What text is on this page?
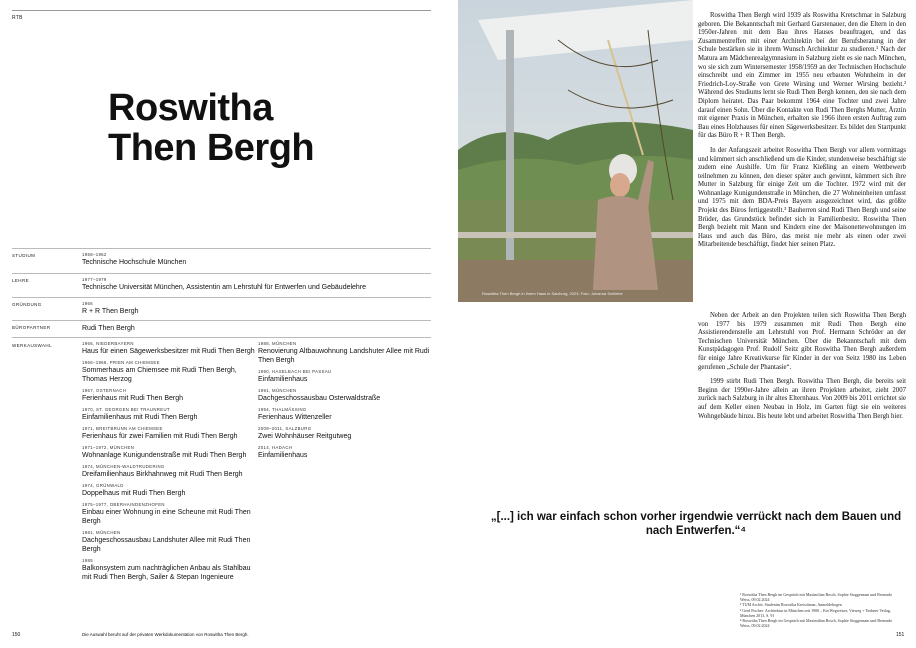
RTB
Roswitha
Then Bergh
STUDIUM	1958–1962
Technische Hochschule München
LEHRE	1977–1979
Technische Universität München, Assistentin am Lehrstuhl für Entwerfen und Gebäudelehre
GRÜNDUNG	1966
R + R Then Bergh
BÜROPARTNER	Rudi Then Bergh
WERKAUSWAHL	1966, NIEDERBAYERN
Haus für einen Sägewerksbesitzer mit Rudi Then Bergh
1966–1968, PRIEN AM CHIEMSEE
Sommerhaus am Chiemsee mit Rudi Then Bergh, Thomas Herzog
1967, OSTERNACH
Ferienhaus mit Rudi Then Bergh
1970, ST. GEORGEN BEI TRAUNREUT
Einfamilienhaus mit Rudi Then Bergh
1971, BREITBRUNN AM CHIEMSEE
Ferienhaus für zwei Familien mit Rudi Then Bergh
1971–1972, MÜNCHEN
Wohnanlage Kunigundenstraße mit Rudi Then Bergh
1974, MÜNCHEN-WALDTRUDERING
Dreifamilienhaus Birkhahnweg mit Rudi Then Bergh
1974, GRÜNWALD
Doppelhaus mit Rudi Then Bergh
1975–1977, OBERHAINDENZHOFEN
Einbau einer Wohnung in eine Scheune mit Rudi Then Bergh
1981, MÜNCHEN
Dachgeschossausbau Landshuter Allee mit Rudi Then Bergh
1985
Balkonsystem zum nachträglichen Anbau als Stahlbau mit Rudi Then Bergh, Sailer & Stepan Ingenieure
1988, MÜNCHEN
Renovierung Altbauwohnung Landshuter Allee mit Rudi Then Bergh
1990, HASELBACH BEI PASSAU
Einfamilienhaus
1991, MÜNCHEN
Dachgeschossausbau Osterwaldstraße
1994, THALMÄSSING
Ferienhaus Wittenzeller
2009–2011, SALZBURG
Zwei Wohnhäuser Reitgutweg
2014, HADACH
Einfamilienhaus
Roswitha Then Bergh in ihrem Haus in Salzburg, 2023. Foto: Johanna Schliebe

Roswitha Then Bergh wird 1939 als Roswitha Kretschmar in Salzburg geboren. Die Bekanntschaft mit Gerhard Garstenauer, den die Eltern in den 1950er-Jahren mit dem Bau ihres Hauses beauftragen, und das Zusammentreffen mit einer Architektin bei der Berufsberatung in der Schule bestärken sie in ihrem Wunsch Architektur zu studieren.¹ Nach der Matura am Mädchenrealgymnasium in Salzburg zieht es sie nach München, wo sie sich zum Wintersemester 1958/1959 an der Technischen Hochschule einschreibt und ein Zimmer im 1955 neu erbauten Wohnheim in der Friedrich-Loy-Straße von Grete Wirsing und Werner Wirsing bezieht.² Während des Studiums lernt sie Rudi Then Bergh kennen, den sie nach dem Diplom heiratet. Das Paar bekommt 1964 eine Tochter und zwei Jahre darauf einen Sohn. Über die Kontakte von Rudi Then Berghs Mutter, Ärztin mit eigener Praxis in München, erhalten sie 1966 ihren ersten Auftrag zum Bau eines Holzhauses für einen Sägewerksbesitzer. Es bildet den Startpunkt für das Büro R + R Then Bergh.

In der Anfangszeit arbeitet Roswitha Then Bergh vor allem vormittags und kümmert sich anschließend um die Kinder, stundenweise beschäftigt sie zudem eine Aushilfe. Um für Franz Kießling an einem Wettbewerb teilnehmen zu können, den dieser später auch gewinnt, kümmert sich ihre Mutter in Salzburg für einige Zeit um die Tochter. 1972 wird mit der Wohnanlage Kunigundenstraße in München, die 27 Wohneinheiten umfasst und 1975 mit dem BDA-Preis Bayern ausgezeichnet wird, das größte Projekt des Büros fertiggestellt.³ Bauherren sind Rudi Then Bergh und seine Brüder, das Grundstück befindet sich in Familienbesitz. Roswitha Then Bergh bezieht mit Mann und Kindern eine der Maisonettewohnungen im Haus und auch das Büro, das meist nie mehr als einen oder zwei Mitarbeitende beschäftigt, findet hier seinen Platz.

Neben der Arbeit an den Projekten teilen sich Roswitha Then Bergh von 1977 bis 1979 zusammen mit Rudi Then Bergh eine Assistierendenstelle am Lehrstuhl von Prof. Hermann Schröder an der Technischen Universität München. Über die Bekanntschaft mit dem Kunstpädagogen Prof. Rudolf Seitz gibt Roswitha Then Bergh außerdem für einige Jahre Kreativkurse für Kinder in der von Seitz 1980 ins Leben gerufenen „Schule der Phantasie“.

1999 stirbt Rudi Then Bergh. Roswitha Then Bergh, die bereits seit Beginn der 1990er-Jahre allein an ihren Projekten arbeitet, zieht 2007 zurück nach Salzburg in ihr altes Elternhaus. Von 2009 bis 2011 errichtet sie auf dem Keller einen Neubau in Holz, im Garten fügt sie ein weiteres Wohngebäude hinzu. Bis heute lebt und arbeitet Roswitha Then Bergh hier.

„[...] ich war einfach schon vorher irgendwie verrückt nach dem Bauen und nach Entwerfen.“⁴
¹ Roswitha Then Bergh im Gespräch mit Maximilian Bosch, Sophie Stoggensam und Bernardo Weiss, 09.02.2024
² TUM Archiv, Studentin Roswitha Kretschmar, Anmeldebogen
³ Gerd Fischer: Architektur in München seit 1900 – Ein Wegweiser, Vieweg + Teubner Verlag, München 2013, S. 91
⁴ Roswitha Then Bergh im Gespräch mit Maximilian Bosch, Sophie Stoggensam und Bernardo Weiss, 09.02.2024
150	Die Auswahl beruht auf der privaten Werkdokumentation von Roswitha Then Bergh.	151
